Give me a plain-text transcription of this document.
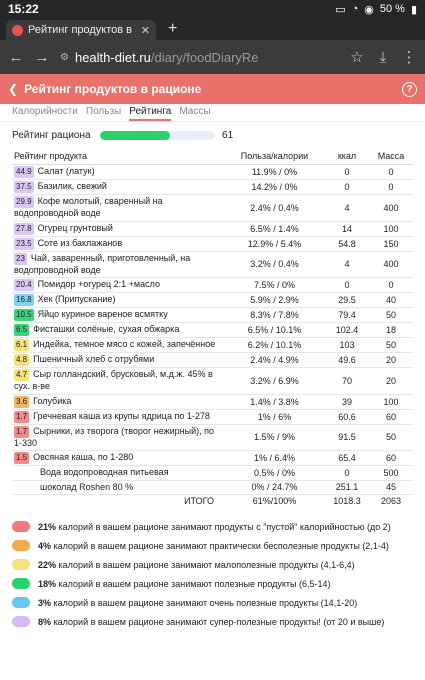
15:22	▭ ◔ ◉ 50 % ▮
Рейтинг продуктов в ✕ +
← → ⚙ health-diet.ru/diary/foodDiaryRe	☆	⤓	⋮
❮ Рейтинг продуктов в рационе	?
Калорийности Пользы Рейтинга Массы
Рейтинг рациона	61
Рейтинг продукта	Польза/калории	ккал	Масса
44.9 Салат (латук)	11.9% / 0%	0	0
37.5 Базилик, свежий	14.2% / 0%	0	0
29.9 Кофе молотый, сваренный на водопроводной воде	2.4% / 0.4%	4	400
27.8 Огурец грунтовый	6.5% / 1.4%	14	100
23.5 Соте из баклажанов	12.9% / 5.4%	54.8	150
23 Чай, заваренный, приготовленный, на водопроводной воде	3.2% / 0.4%	4	400
20.4 Помидор +огурец 2:1 +масло	7.5% / 0%	0	0
16.8 Хек (Припускание)	5.9% / 2.9%	29.5	40
10.5 Яйцо куриное вареное всмятку	8.3% / 7.8%	79.4	50
6.5 Фисташки солёные, сухая обжарка	6.5% / 10.1%	102.4	18
6.1 Индейка, темное мясо с кожей, запечённое	6.2% / 10.1%	103	50
4.8 Пшеничный хлеб с отрубями	2.4% / 4.9%	49.6	20
4.7 Сыр голландский, брусковый, м.д.ж. 45% в сух. в-ве	3.2% / 6.9%	70	20
3.6 Голубика	1.4% / 3.8%	39	100
1.7 Гречневая каша из крупы ядрица по 1-278	1% / 6%	60.6	60
1.7 Сырники, из творога (творог нежирный), по 1-330	1.5% / 9%	91.5	50
1.5 Овсяная каша, по 1-280	1% / 6.4%	65.4	60
Вода водопроводная питьевая	0.5% / 0%	0	500
шоколад Roshen 80 %	0% / 24.7%	251.1	45
ИТОГО	61%/100%	1018.3	2063
21% калорий в вашем рационе занимают продукты с "пустой" калорийностью (до 2)
4% калорий в вашем рационе занимают практически бесполезные продукты (2,1-4)
22% калорий в вашем рационе занимают малополезные продукты (4,1-6,4)
18% калорий в вашем рационе занимают полезные продукты (6,5-14)
3% калорий в вашем рационе занимают очень полезные продукты (14,1-20)
8% калорий в вашем рационе занимают супер-полезные продукты! (от 20 и выше)
